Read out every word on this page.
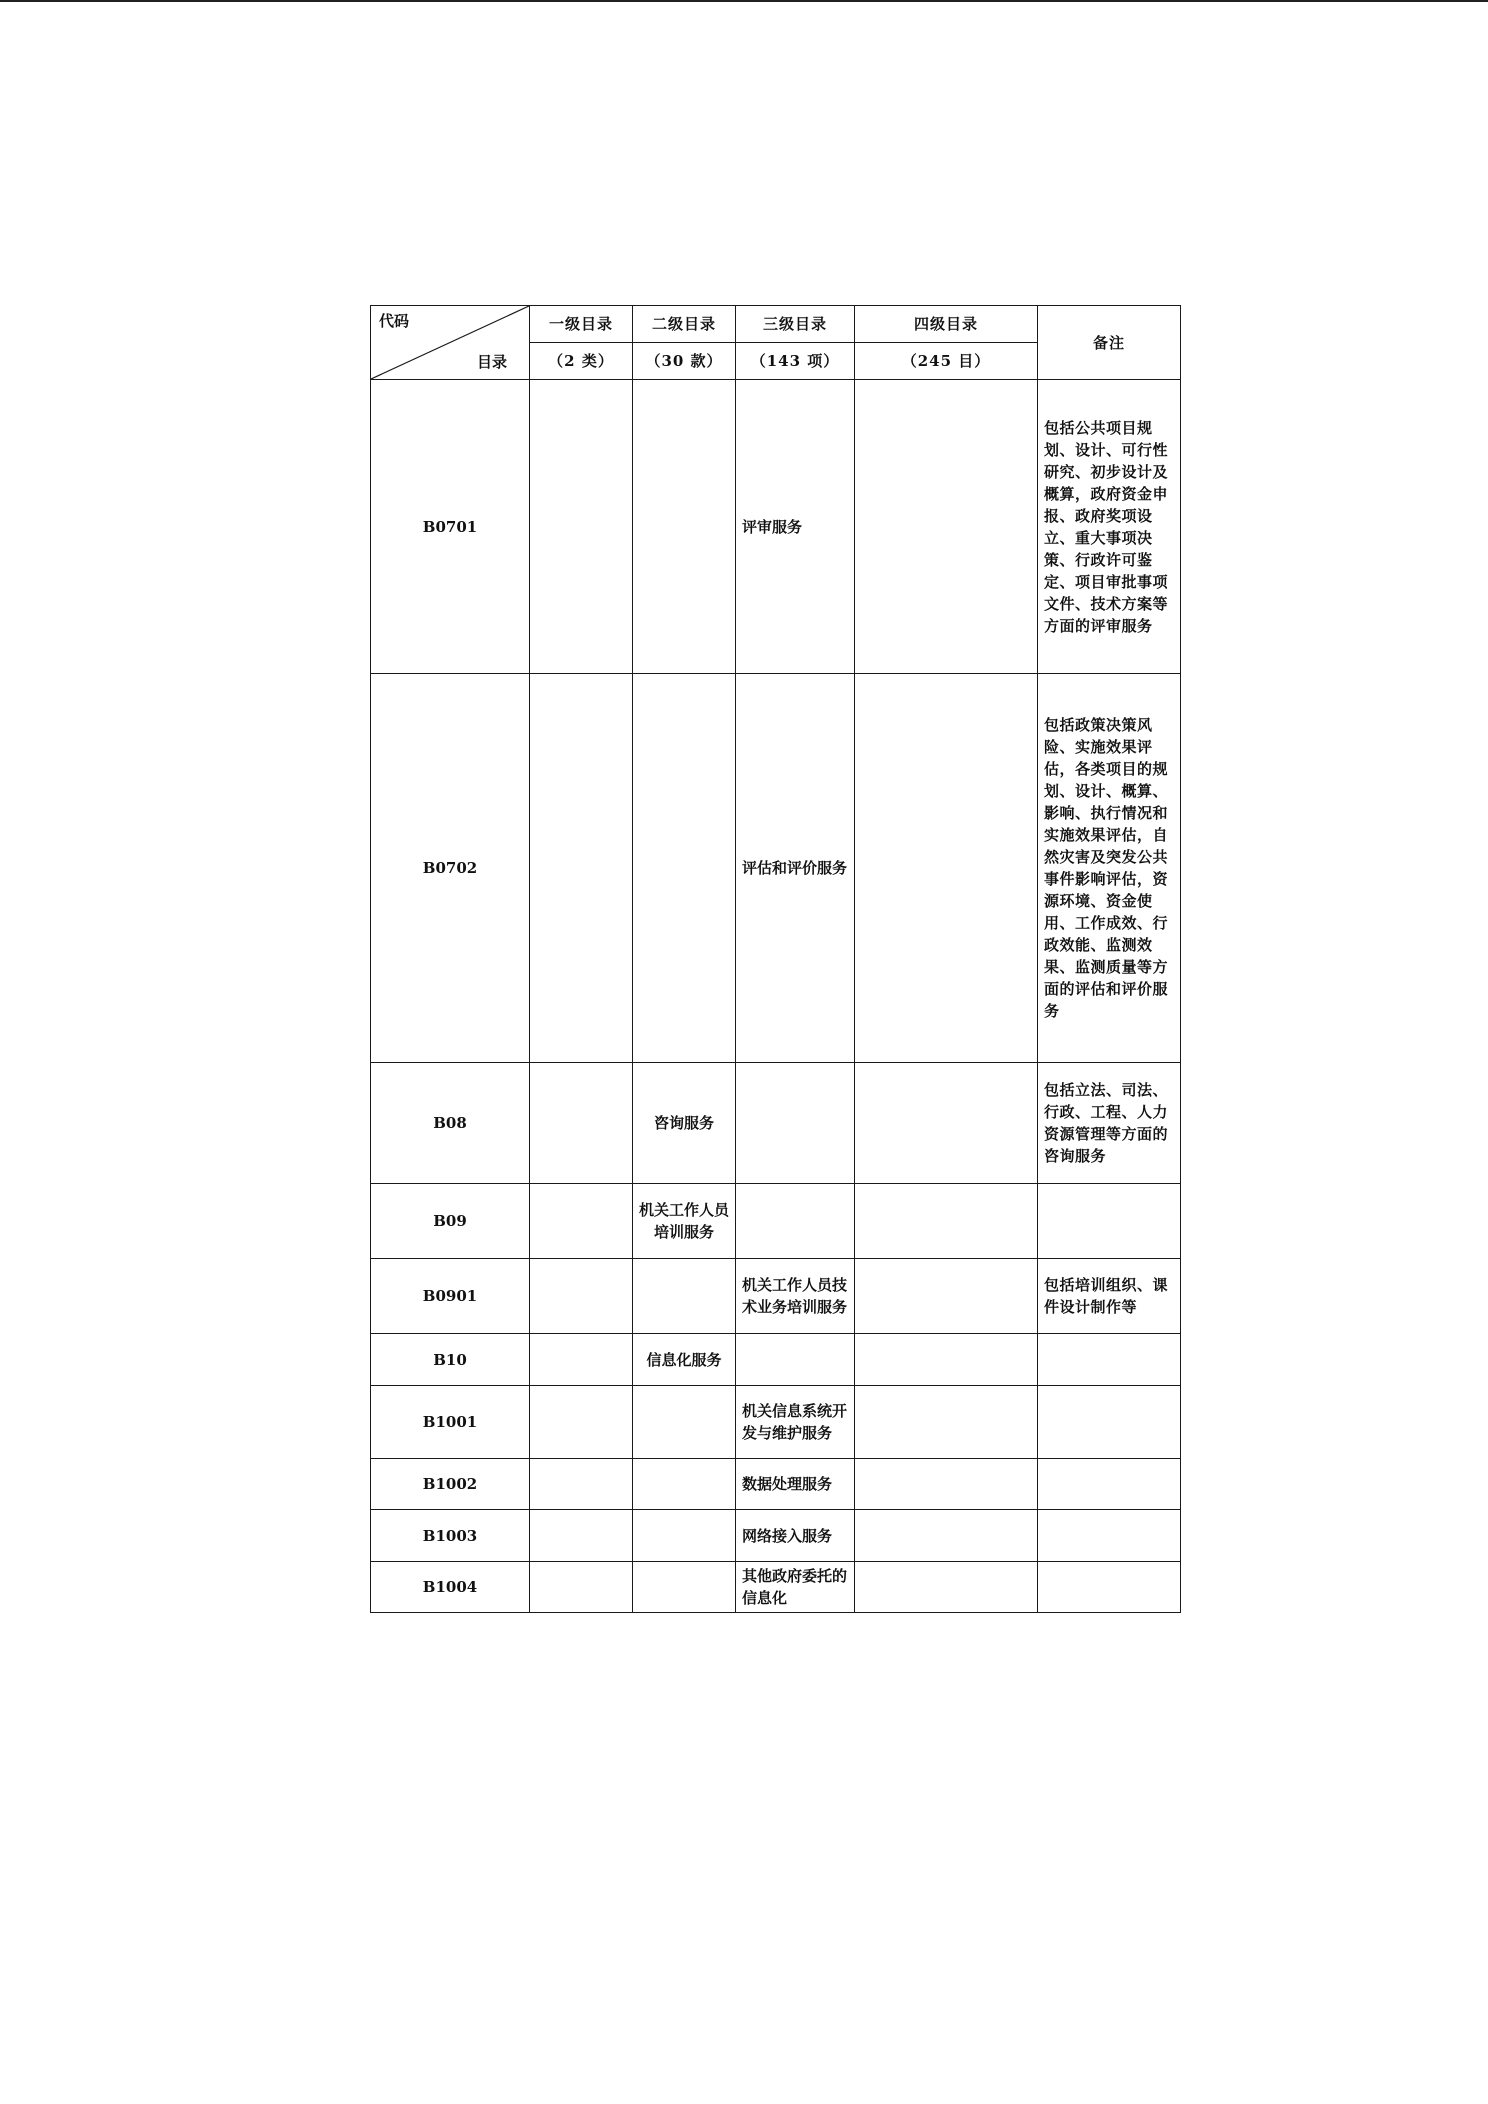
代码
目录	一级目录	二级目录	三级目录	四级目录	备注
	（2 类）	（30 款）	（143 项）	（245 目）	
B0701			评审服务		包括公共项目规划、设计、可行性研究、初步设计及概算，政府资金申报、政府奖项设立、重大事项决策、行政许可鉴定、项目审批事项文件、技术方案等方面的评审服务
B0702			评估和评价服务		包括政策决策风险、实施效果评估，各类项目的规划、设计、概算、影响、执行情况和实施效果评估，自然灾害及突发公共事件影响评估，资源环境、资金使用、工作成效、行政效能、监测效果、监测质量等方面的评估和评价服务
B08		咨询服务			包括立法、司法、行政、工程、人力资源管理等方面的咨询服务
B09		机关工作人员培训服务			
B0901			机关工作人员技术业务培训服务		包括培训组织、课件设计制作等
B10		信息化服务			
B1001			机关信息系统开发与维护服务		
B1002			数据处理服务		
B1003			网络接入服务		
B1004			其他政府委托的信息化		
